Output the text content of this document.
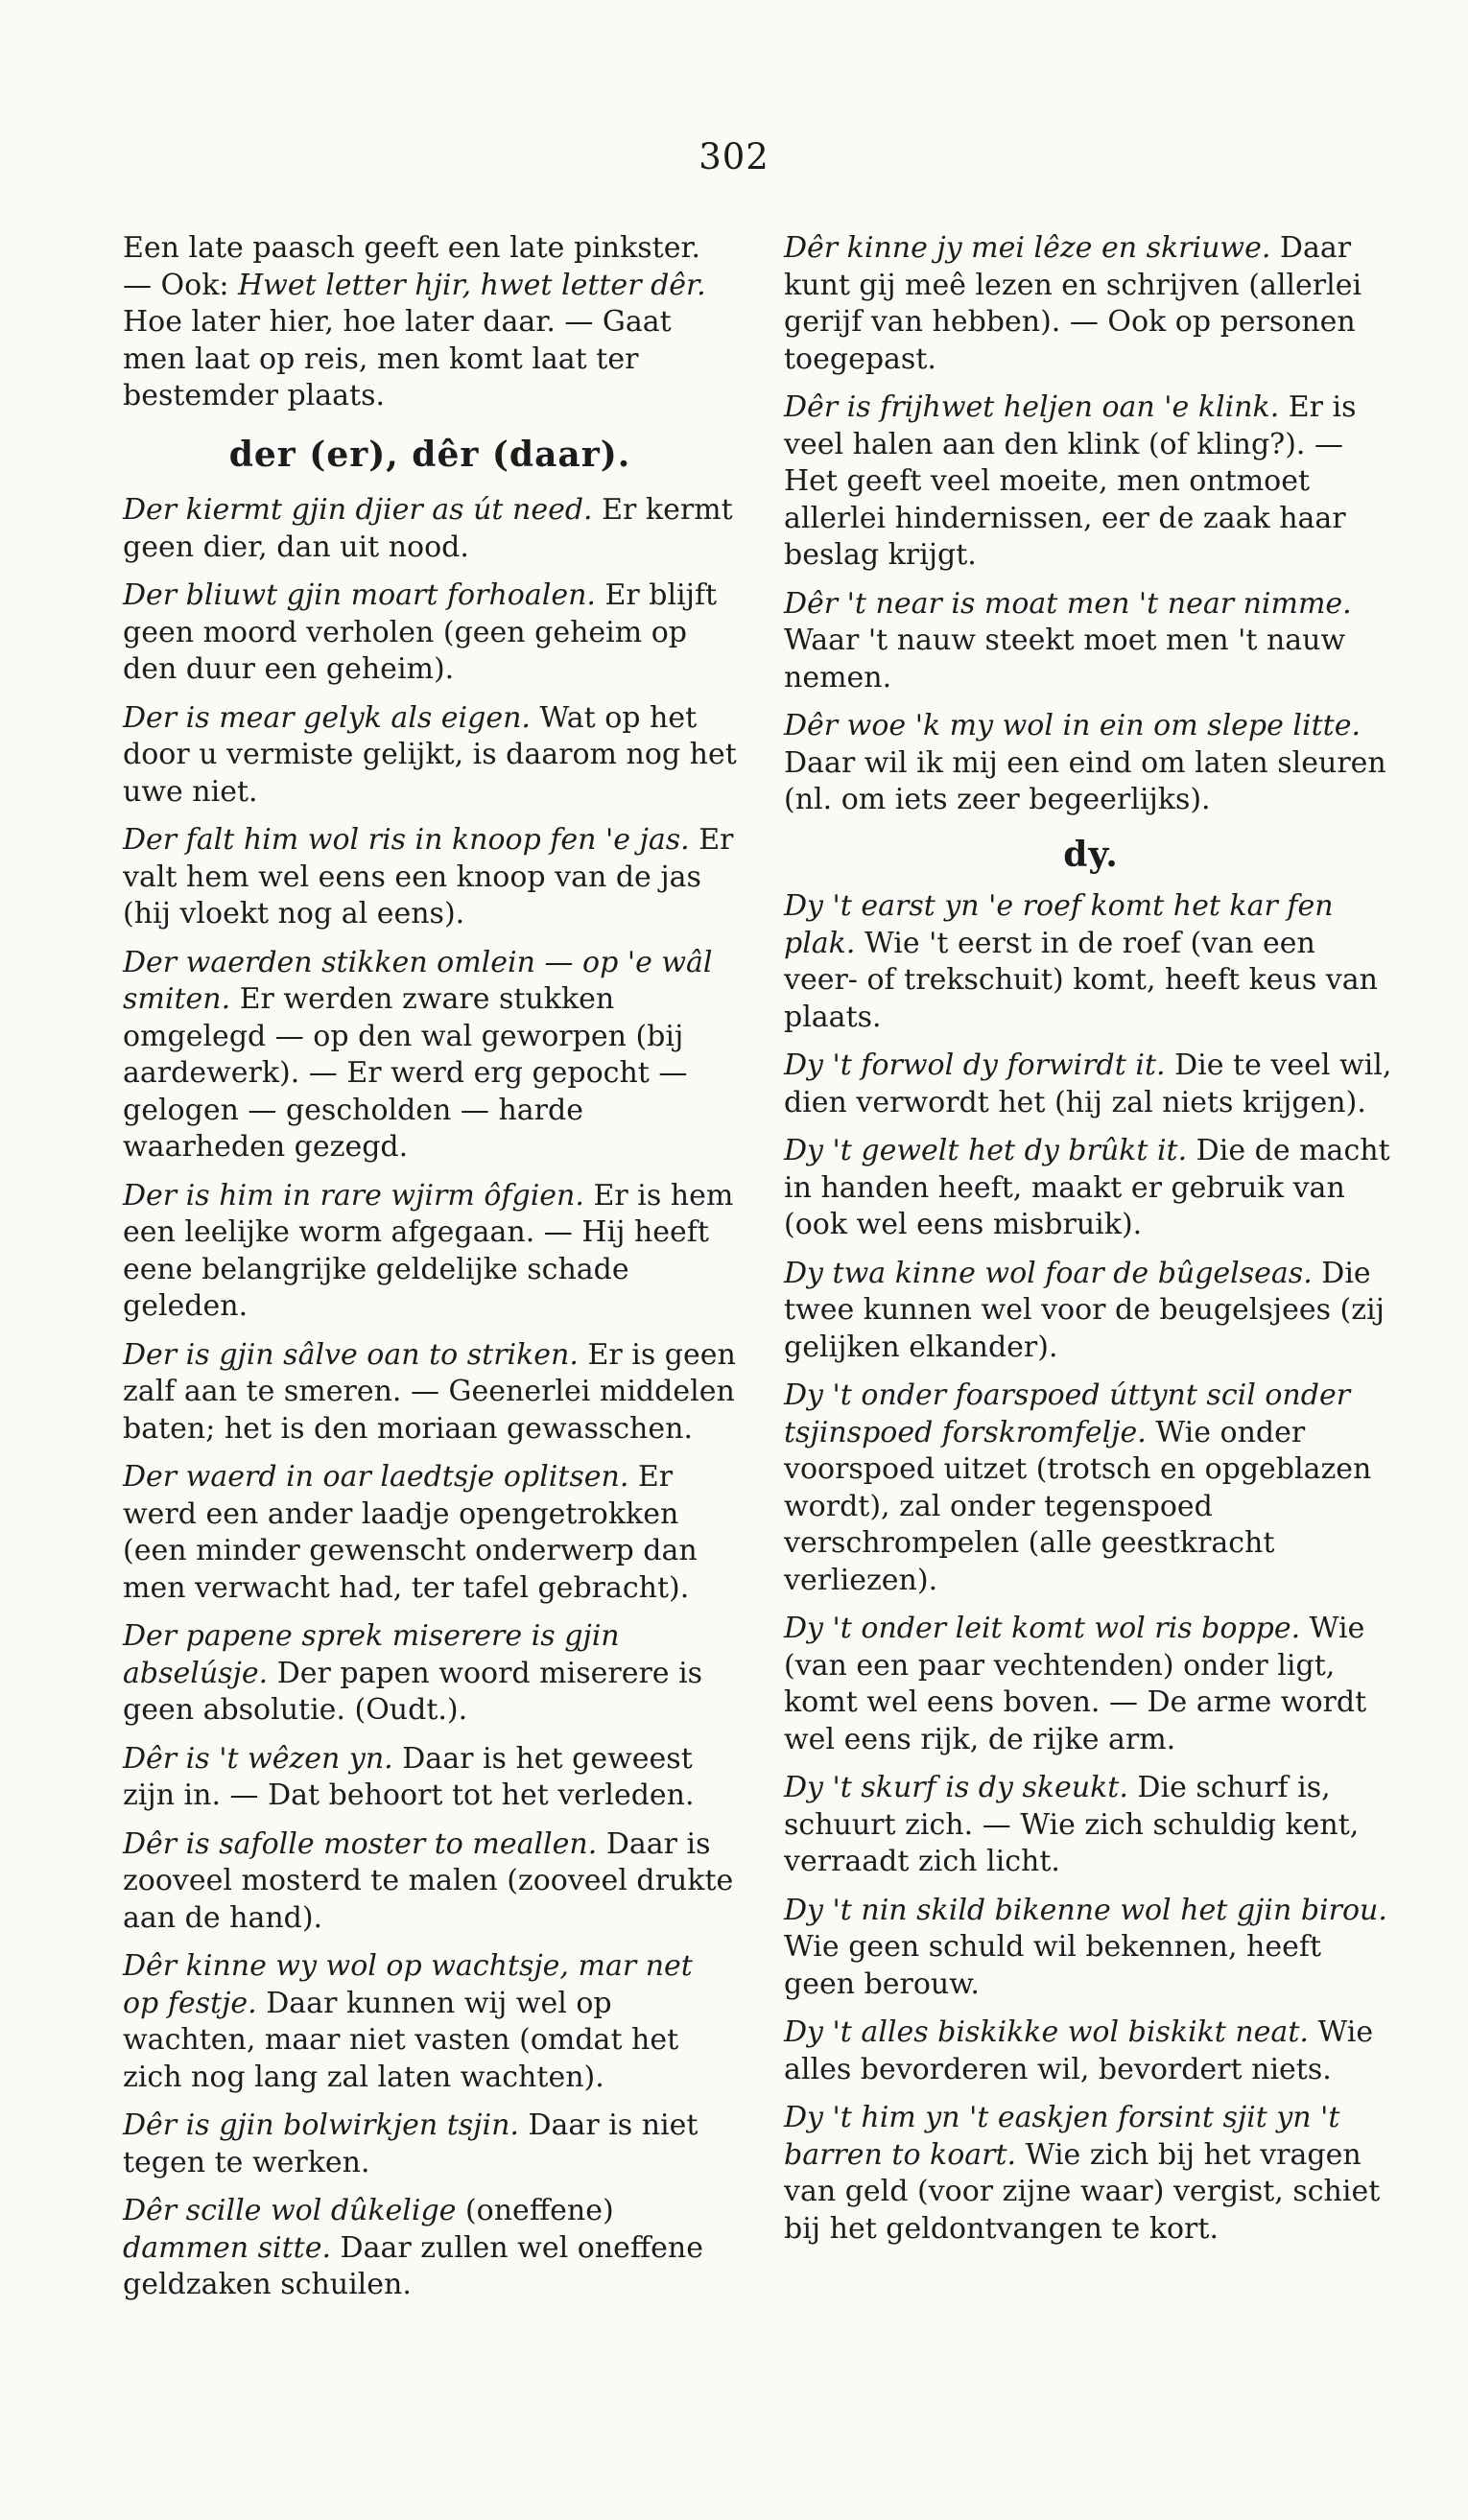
302

Een late paasch geeft een late pinkster. — Ook: Hwet letter hjir, hwet letter dêr. Hoe later hier, hoe later daar. — Gaat men laat op reis, men komt laat ter bestemder plaats.

der (er), dêr (daar).

Der kiermt gjin djier as út need. Er kermt geen dier, dan uit nood.

Der bliuwt gjin moart forhoalen. Er blijft geen moord verholen (geen geheim op den duur een geheim).

Der is mear gelyk als eigen. Wat op het door u vermiste gelijkt, is daarom nog het uwe niet.

Der falt him wol ris in knoop fen 'e jas. Er valt hem wel eens een knoop van de jas (hij vloekt nog al eens).

Der waerden stikken omlein — op 'e wâl smiten. Er werden zware stukken omgelegd — op den wal geworpen (bij aardewerk). — Er werd erg gepocht — gelogen — gescholden — harde waarheden gezegd.

Der is him in rare wjirm ôfgien. Er is hem een leelijke worm afgegaan. — Hij heeft eene belangrijke geldelijke schade geleden.

Der is gjin sâlve oan to striken. Er is geen zalf aan te smeren. — Geenerlei middelen baten; het is den moriaan gewasschen.

Der waerd in oar laedtsje oplitsen. Er werd een ander laadje opengetrokken (een minder gewenscht onderwerp dan men verwacht had, ter tafel gebracht).

Der papene sprek miserere is gjin abselúsje. Der papen woord miserere is geen absolutie. (Oudt.).

Dêr is 't wêzen yn. Daar is het geweest zijn in. — Dat behoort tot het verleden.

Dêr is safolle moster to meallen. Daar is zooveel mosterd te malen (zooveel drukte aan de hand).

Dêr kinne wy wol op wachtsje, mar net op festje. Daar kunnen wij wel op wachten, maar niet vasten (omdat het zich nog lang zal laten wachten).

Dêr is gjin bolwirkjen tsjin. Daar is niet tegen te werken.

Dêr scille wol dûkelige (oneffene) dammen sitte. Daar zullen wel oneffene geldzaken schuilen.

Dêr kinne jy mei lêze en skriuwe. Daar kunt gij meê lezen en schrijven (allerlei gerijf van hebben). — Ook op personen toegepast.

Dêr is frijhwet heljen oan 'e klink. Er is veel halen aan den klink (of kling?). — Het geeft veel moeite, men ontmoet allerlei hindernissen, eer de zaak haar beslag krijgt.

Dêr 't near is moat men 't near nimme. Waar 't nauw steekt moet men 't nauw nemen.

Dêr woe 'k my wol in ein om slepe litte. Daar wil ik mij een eind om laten sleuren (nl. om iets zeer begeerlijks).

dy.

Dy 't earst yn 'e roef komt het kar fen plak. Wie 't eerst in de roef (van een veer- of trekschuit) komt, heeft keus van plaats.

Dy 't forwol dy forwirdt it. Die te veel wil, dien verwordt het (hij zal niets krijgen).

Dy 't gewelt het dy brûkt it. Die de macht in handen heeft, maakt er gebruik van (ook wel eens misbruik).

Dy twa kinne wol foar de bûgelseas. Die twee kunnen wel voor de beugelsjees (zij gelijken elkander).

Dy 't onder foarspoed úttynt scil onder tsjinspoed forskromfelje. Wie onder voorspoed uitzet (trotsch en opgeblazen wordt), zal onder tegenspoed verschrompelen (alle geestkracht verliezen).

Dy 't onder leit komt wol ris boppe. Wie (van een paar vechtenden) onder ligt, komt wel eens boven. — De arme wordt wel eens rijk, de rijke arm.

Dy 't skurf is dy skeukt. Die schurf is, schuurt zich. — Wie zich schuldig kent, verraadt zich licht.

Dy 't nin skild bikenne wol het gjin birou. Wie geen schuld wil bekennen, heeft geen berouw.

Dy 't alles biskikke wol biskikt neat. Wie alles bevorderen wil, bevordert niets.

Dy 't him yn 't easkjen forsint sjit yn 't barren to koart. Wie zich bij het vragen van geld (voor zijne waar) vergist, schiet bij het geldontvangen te kort.
